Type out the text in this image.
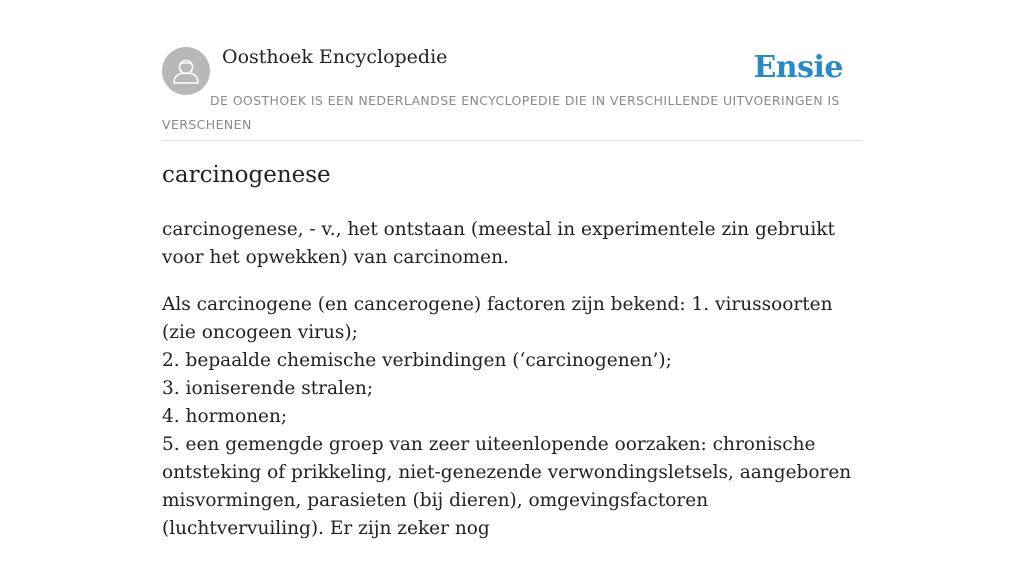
Oosthoek Encyclopedie	Ensie
DE OOSTHOEK IS EEN NEDERLANDSE ENCYCLOPEDIE DIE IN VERSCHILLENDE UITVOERINGEN IS VERSCHENEN
carcinogenese

carcinogenese, - v., het ontstaan (meestal in experimentele zin gebruikt voor het opwekken) van carcinomen.

Als carcinogene (en cancerogene) factoren zijn bekend: 1. virussoorten (zie oncogeen virus);
2. bepaalde chemische verbindingen (‘carcinogenen’);
3. ioniserende stralen;
4. hormonen;
5. een gemengde groep van zeer uiteenlopende oorzaken: chronische ontsteking of prikkeling, niet-genezende verwondingsletsels, aangeboren misvormingen, parasieten (bij dieren), omgevingsfactoren (luchtvervuiling). Er zijn zeker nog
